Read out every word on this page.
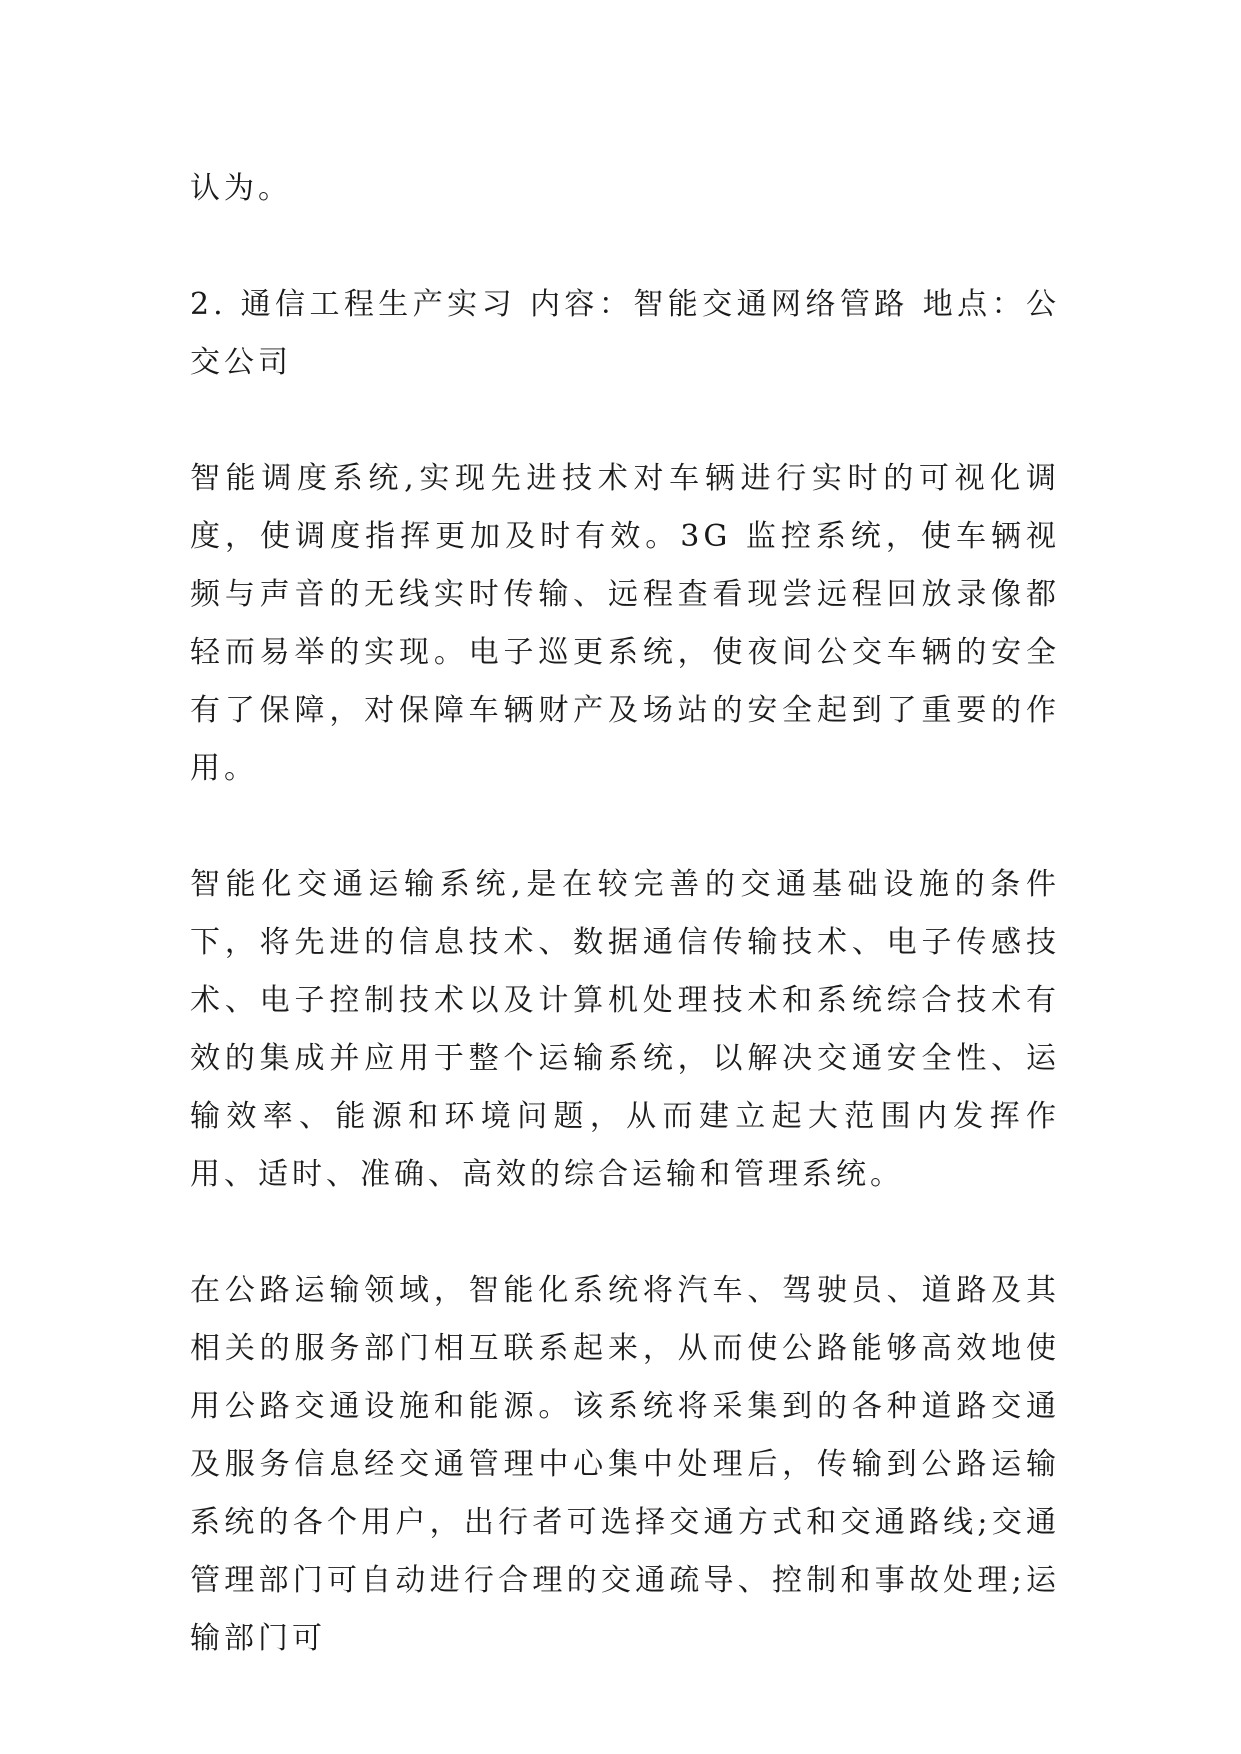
认为。

2. 通信工程生产实习 内容：智能交通网络管路 地点：公交公司

智能调度系统,实现先进技术对车辆进行实时的可视化调度，使调度指挥更加及时有效。3G 监控系统，使车辆视频与声音的无线实时传输、远程查看现尝远程回放录像都轻而易举的实现。电子巡更系统，使夜间公交车辆的安全有了保障，对保障车辆财产及场站的安全起到了重要的作用。

智能化交通运输系统,是在较完善的交通基础设施的条件下，将先进的信息技术、数据通信传输技术、电子传感技术、电子控制技术以及计算机处理技术和系统综合技术有效的集成并应用于整个运输系统，以解决交通安全性、运输效率、能源和环境问题，从而建立起大范围内发挥作用、适时、准确、高效的综合运输和管理系统。

在公路运输领域，智能化系统将汽车、驾驶员、道路及其相关的服务部门相互联系起来，从而使公路能够高效地使用公路交通设施和能源。该系统将采集到的各种道路交通及服务信息经交通管理中心集中处理后，传输到公路运输系统的各个用户，出行者可选择交通方式和交通路线;交通管理部门可自动进行合理的交通疏导、控制和事故处理;运输部门可
